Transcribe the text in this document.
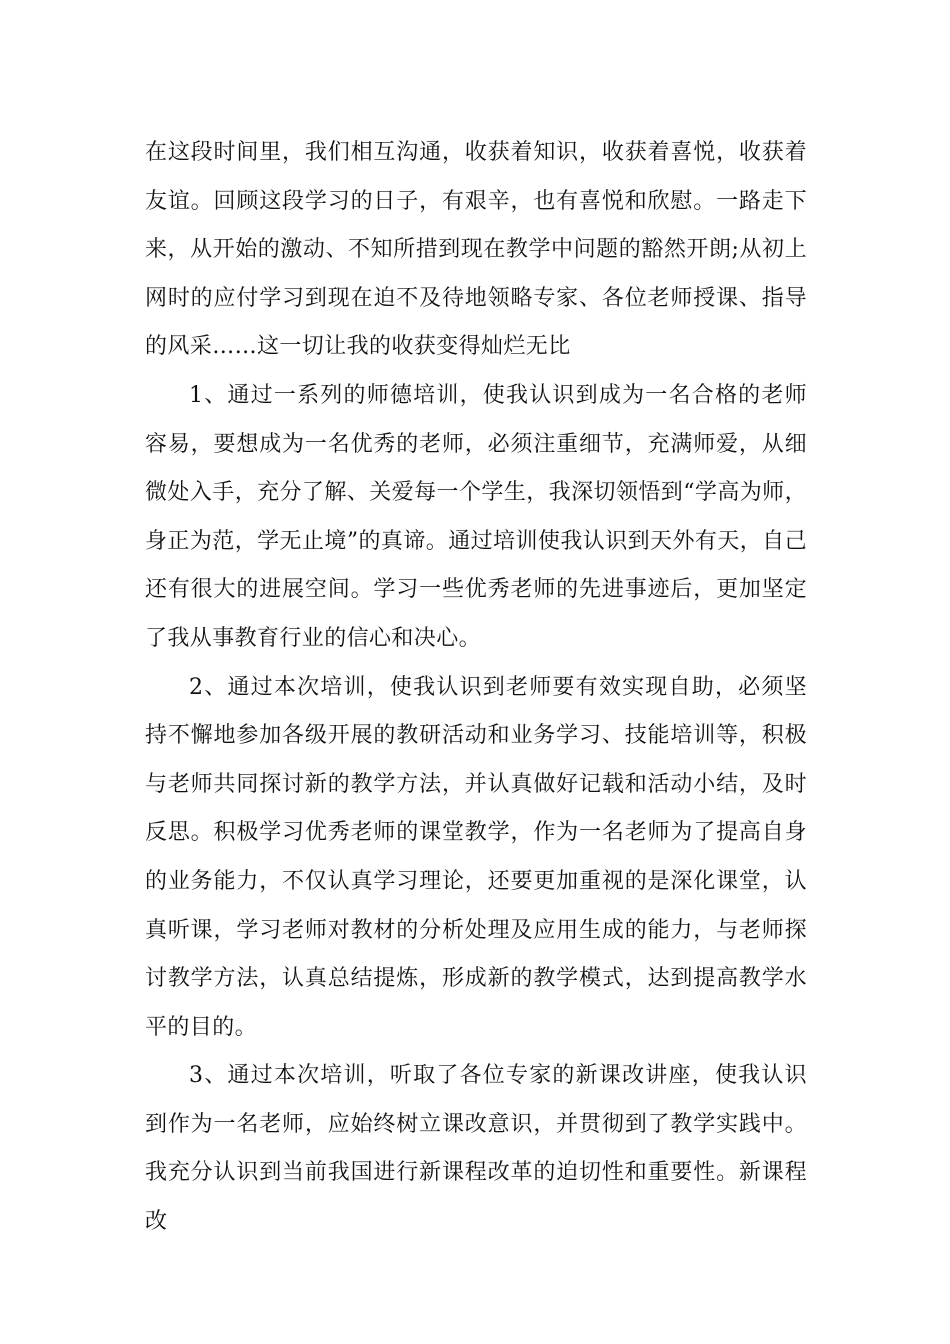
在这段时间里，我们相互沟通，收获着知识，收获着喜悦，收获着友谊。回顾这段学习的日子，有艰辛，也有喜悦和欣慰。一路走下来，从开始的激动、不知所措到现在教学中问题的豁然开朗;从初上网时的应付学习到现在迫不及待地领略专家、各位老师授课、指导的风采……这一切让我的收获变得灿烂无比

1、通过一系列的师德培训，使我认识到成为一名合格的老师容易，要想成为一名优秀的老师，必须注重细节，充满师爱，从细微处入手，充分了解、关爱每一个学生，我深切领悟到“学高为师，身正为范，学无止境”的真谛。通过培训使我认识到天外有天，自己还有很大的进展空间。学习一些优秀老师的先进事迹后，更加坚定了我从事教育行业的信心和决心。

2、通过本次培训，使我认识到老师要有效实现自助，必须坚持不懈地参加各级开展的教研活动和业务学习、技能培训等，积极与老师共同探讨新的教学方法，并认真做好记载和活动小结，及时反思。积极学习优秀老师的课堂教学，作为一名老师为了提高自身的业务能力，不仅认真学习理论，还要更加重视的是深化课堂，认真听课，学习老师对教材的分析处理及应用生成的能力，与老师探讨教学方法，认真总结提炼，形成新的教学模式，达到提高教学水平的目的。

3、通过本次培训，听取了各位专家的新课改讲座，使我认识到作为一名老师，应始终树立课改意识，并贯彻到了教学实践中。我充分认识到当前我国进行新课程改革的迫切性和重要性。新课程改
